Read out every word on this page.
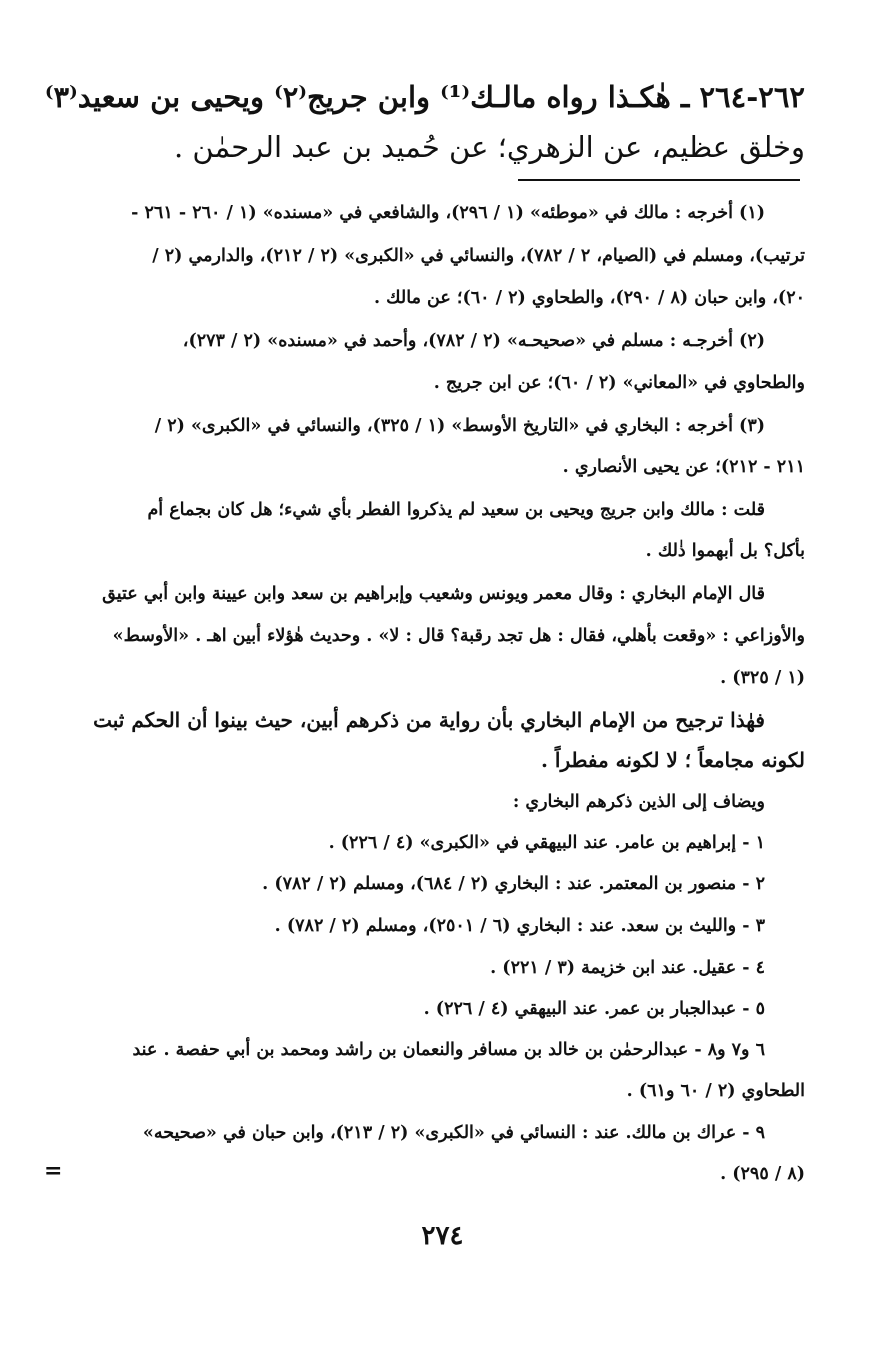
٢٦٢-٢٦٤ ـ هٰكـذا رواه مالـك⁽¹⁾ وابن جريج⁽٢⁾ ويحيى بن سعيد⁽٣⁾
وخلق عظيم، عن الزهري؛ عن حُميد بن عبد الرحمٰن .
(١) أخرجه : مالك في «موطئه» (١ / ٢٩٦)، والشافعي في «مسنده» (١ / ٢٦٠ - ٢٦١ -
ترتيب)، ومسلم في (الصيام، ٢ / ٧٨٢)، والنسائي في «الكبرى» (٢ / ٢١٢)، والدارمي (٢ /
٢٠)، وابن حبان (٨ / ٢٩٠)، والطحاوي (٢ / ٦٠)؛ عن مالك .
(٢) أخرجـه : مسلم في «صحيحـه» (٢ / ٧٨٢)، وأحمد في «مسنده» (٢ / ٢٧٣)،
والطحاوي في «المعاني» (٢ / ٦٠)؛ عن ابن جريج .
(٣) أخرجه : البخاري في «التاريخ الأوسط» (١ / ٣٢٥)، والنسائي في «الكبرى» (٢ /
٢١١ - ٢١٢)؛ عن يحيى الأنصاري .
قلت : مالك وابن جريج ويحيى بن سعيد لم يذكروا الفطر بأي شيء؛ هل كان بجماع أم
بأكل؟ بل أبهموا ذٰلك .
قال الإمام البخاري : وقال معمر ويونس وشعيب وإبراهيم بن سعد وابن عيينة وابن أبي عتيق
والأوزاعي : «وقعت بأهلي، فقال : هل تجد رقبة؟ قال : لا» . وحديث هٰؤلاء أبين اهـ . «الأوسط»
(١ / ٣٢٥) .
فهٰذا ترجيح من الإمام البخاري بأن رواية من ذكرهم أبين، حيث بينوا أن الحكم ثبت
لكونه مجامعاً ؛ لا لكونه مفطراً .
ويضاف إلى الذين ذكرهم البخاري :
١ - إبراهيم بن عامر. عند البيهقي في «الكبرى» (٤ / ٢٢٦) .
٢ - منصور بن المعتمر. عند : البخاري (٢ / ٦٨٤)، ومسلم (٢ / ٧٨٢) .
٣ - والليث بن سعد. عند : البخاري (٦ / ٢٥٠١)، ومسلم (٢ / ٧٨٢) .
٤ - عقيل. عند ابن خزيمة (٣ / ٢٢١) .
٥ - عبدالجبار بن عمر. عند البيهقي (٤ / ٢٢٦) .
٦ و٧ و٨ - عبدالرحمٰن بن خالد بن مسافر والنعمان بن راشد ومحمد بن أبي حفصة . عند
الطحاوي (٢ / ٦٠ و٦١) .
٩ - عراك بن مالك. عند : النسائي في «الكبرى» (٢ / ٢١٣)، وابن حبان في «صحيحه»
(٨ / ٢٩٥) .
=
٢٧٤
